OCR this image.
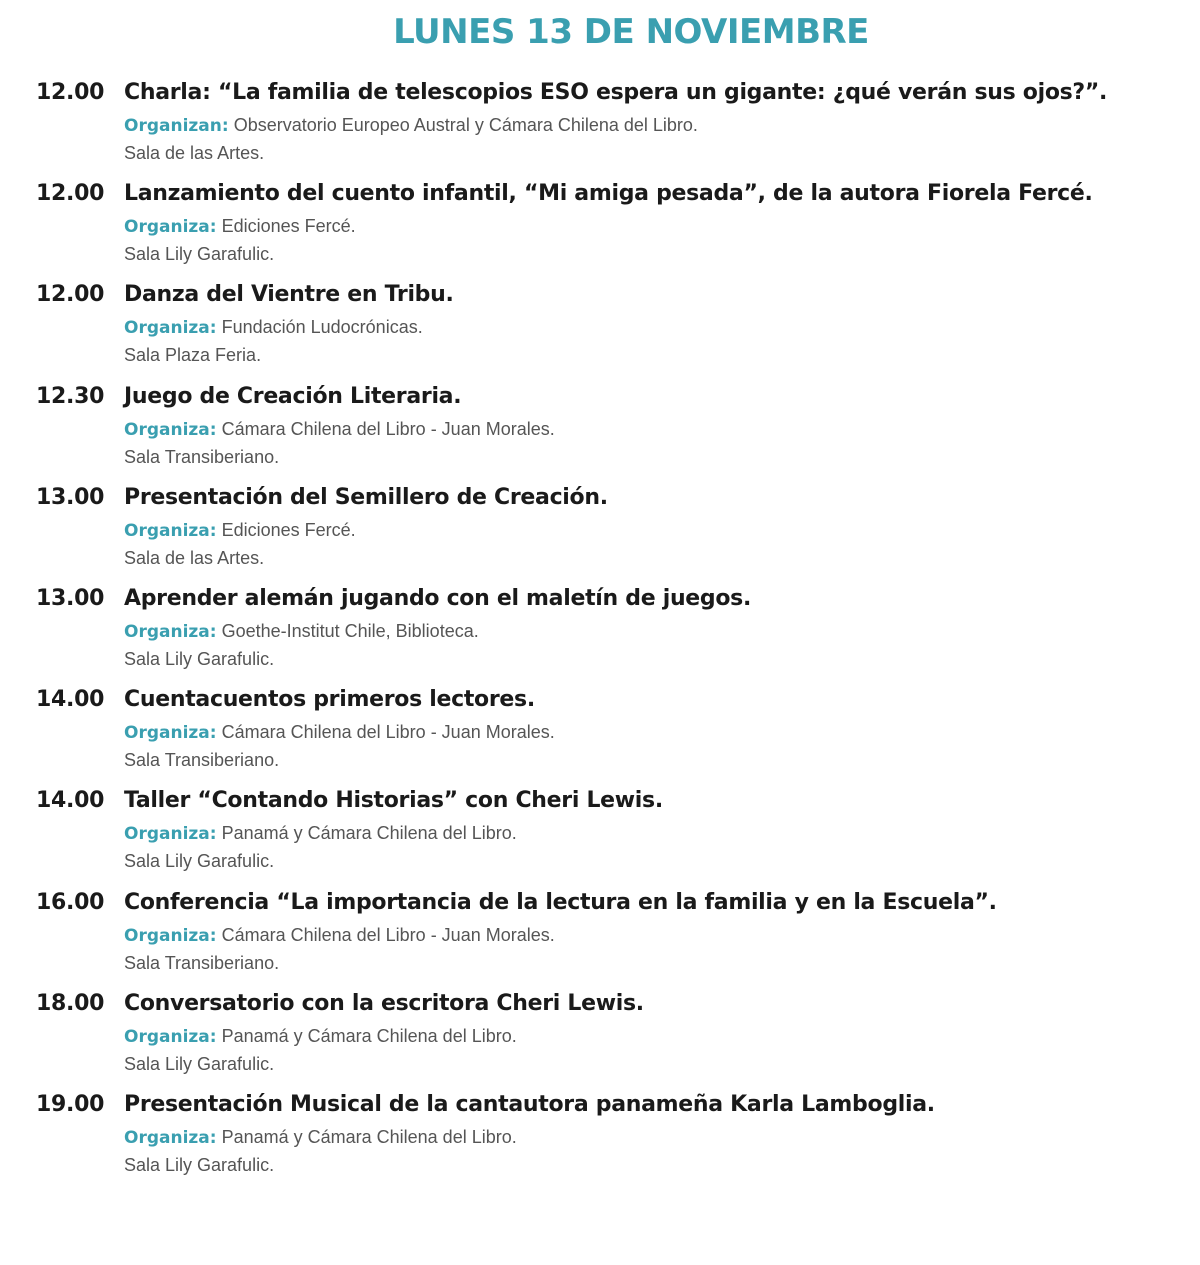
LUNES 13 DE NOVIEMBRE
12.00 Charla: “La familia de telescopios ESO espera un gigante: ¿qué verán sus ojos?”.
Organizan: Observatorio Europeo Austral y Cámara Chilena del Libro.
Sala de las Artes.
12.00 Lanzamiento del cuento infantil, “Mi amiga pesada”, de la autora Fiorela Fercé.
Organiza: Ediciones Fercé.
Sala Lily Garafulic.
12.00 Danza del Vientre en Tribu.
Organiza: Fundación Ludocrónicas.
Sala Plaza Feria.
12.30 Juego de Creación Literaria.
Organiza: Cámara Chilena del Libro - Juan Morales.
Sala Transiberiano.
13.00 Presentación del Semillero de Creación.
Organiza: Ediciones Fercé.
Sala de las Artes.
13.00 Aprender alemán jugando con el maletín de juegos.
Organiza: Goethe-Institut Chile, Biblioteca.
Sala Lily Garafulic.
14.00 Cuentacuentos primeros lectores.
Organiza: Cámara Chilena del Libro - Juan Morales.
Sala Transiberiano.
14.00 Taller “Contando Historias” con Cheri Lewis.
Organiza: Panamá y Cámara Chilena del Libro.
Sala Lily Garafulic.
16.00 Conferencia “La importancia de la lectura en la familia y en la Escuela”.
Organiza: Cámara Chilena del Libro - Juan Morales.
Sala Transiberiano.
18.00 Conversatorio con la escritora Cheri Lewis.
Organiza: Panamá y Cámara Chilena del Libro.
Sala Lily Garafulic.
19.00 Presentación Musical de la cantautora panameña Karla Lamboglia.
Organiza: Panamá y Cámara Chilena del Libro.
Sala Lily Garafulic.
